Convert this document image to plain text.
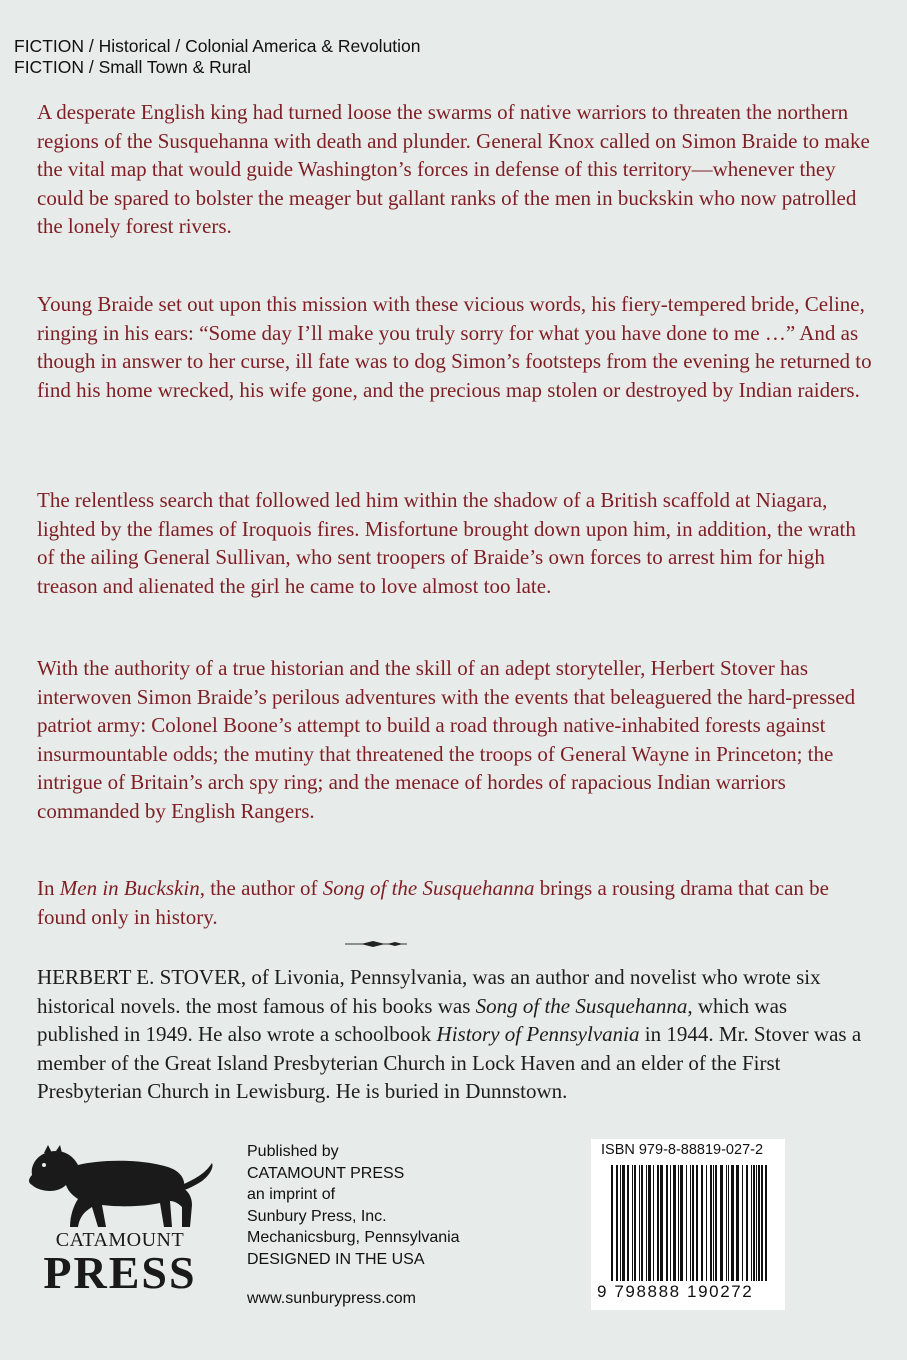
FICTION / Historical / Colonial America & Revolution
FICTION / Small Town & Rural

A desperate English king had turned loose the swarms of native warriors to threaten the northern regions of the Susquehanna with death and plunder. General Knox called on Simon Braide to make the vital map that would guide Washington’s forces in defense of this territory—whenever they could be spared to bolster the meager but gallant ranks of the men in buckskin who now patrolled the lonely forest rivers.

Young Braide set out upon this mission with these vicious words, his fiery-tempered bride, Celine, ringing in his ears: “Some day I’ll make you truly sorry for what you have done to me …” And as though in answer to her curse, ill fate was to dog Simon’s footsteps from the evening he returned to find his home wrecked, his wife gone, and the precious map stolen or destroyed by Indian raiders.

The relentless search that followed led him within the shadow of a British scaffold at Niagara, lighted by the flames of Iroquois fires. Misfortune brought down upon him, in addition, the wrath of the ailing General Sullivan, who sent troopers of Braide’s own forces to arrest him for high treason and alienated the girl he came to love almost too late.

With the authority of a true historian and the skill of an adept storyteller, Herbert Stover has interwoven Simon Braide’s perilous adventures with the events that beleaguered the hard-pressed patriot army: Colonel Boone’s attempt to build a road through native-inhabited forests against insurmountable odds; the mutiny that threatened the troops of General Wayne in Princeton; the intrigue of Britain’s arch spy ring; and the menace of hordes of rapacious Indian warriors commanded by English Rangers.

In Men in Buckskin, the author of Song of the Susquehanna brings a rousing drama that can be found only in history.

HERBERT E. STOVER, of Livonia, Pennsylvania, was an author and novelist who wrote six historical novels. the most famous of his books was Song of the Susquehanna, which was published in 1949. He also wrote a schoolbook History of Pennsylvania in 1944. Mr. Stover was a member of the Great Island Presbyterian Church in Lock Haven and an elder of the First Presbyterian Church in Lewisburg. He is buried in Dunnstown.

CATAMOUNT
PRESS
Published by
CATAMOUNT PRESS
an imprint of
Sunbury Press, Inc.
Mechanicsburg, Pennsylvania
DESIGNED IN THE USA
www.sunburypress.com
ISBN 979-8-88819-027-2
9 798888 190272
